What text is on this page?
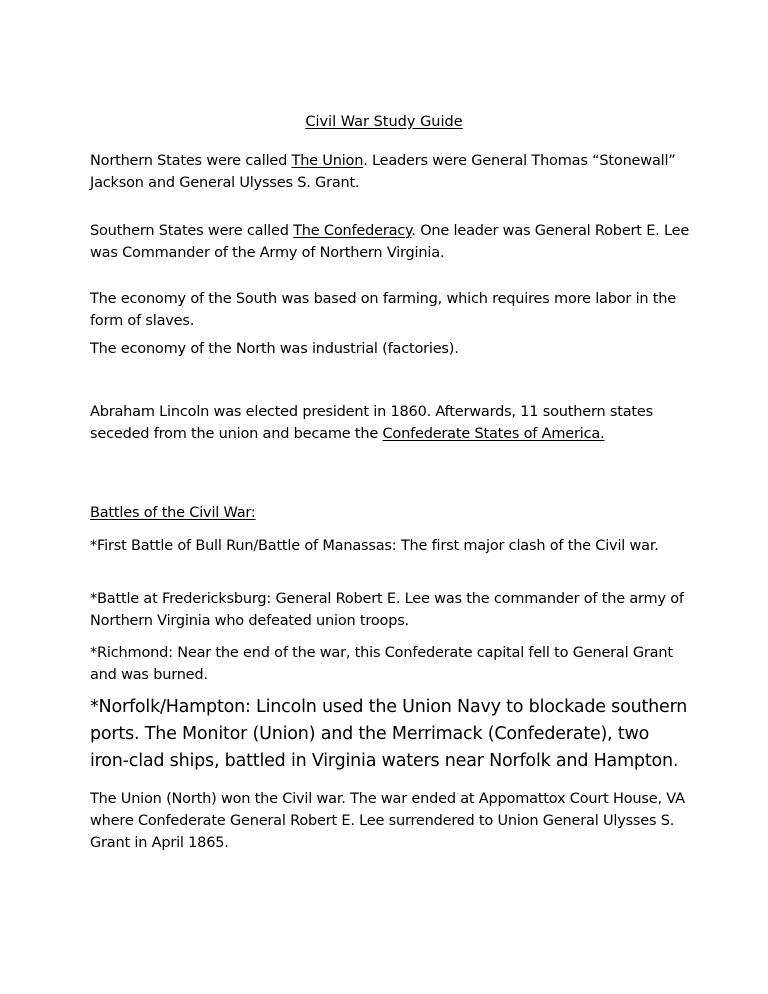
Civil War Study Guide

Northern States were called The Union. Leaders were General Thomas “Stonewall” Jackson and General Ulysses S. Grant.

Southern States were called The Confederacy. One leader was General Robert E. Lee was Commander of the Army of Northern Virginia.

The economy of the South was based on farming, which requires more labor in the form of slaves.

The economy of the North was industrial (factories).

Abraham Lincoln was elected president in 1860. Afterwards, 11 southern states seceded from the union and became the Confederate States of America.

Battles of the Civil War:

*First Battle of Bull Run/Battle of Manassas: The first major clash of the Civil war.

*Battle at Fredericksburg: General Robert E. Lee was the commander of the army of Northern Virginia who defeated union troops.

*Richmond: Near the end of the war, this Confederate capital fell to General Grant and was burned.

*Norfolk/Hampton: Lincoln used the Union Navy to blockade southern ports. The Monitor (Union) and the Merrimack (Confederate), two iron-clad ships, battled in Virginia waters near Norfolk and Hampton.

The Union (North) won the Civil war. The war ended at Appomattox Court House, VA where Confederate General Robert E. Lee surrendered to Union General Ulysses S. Grant in April 1865.
